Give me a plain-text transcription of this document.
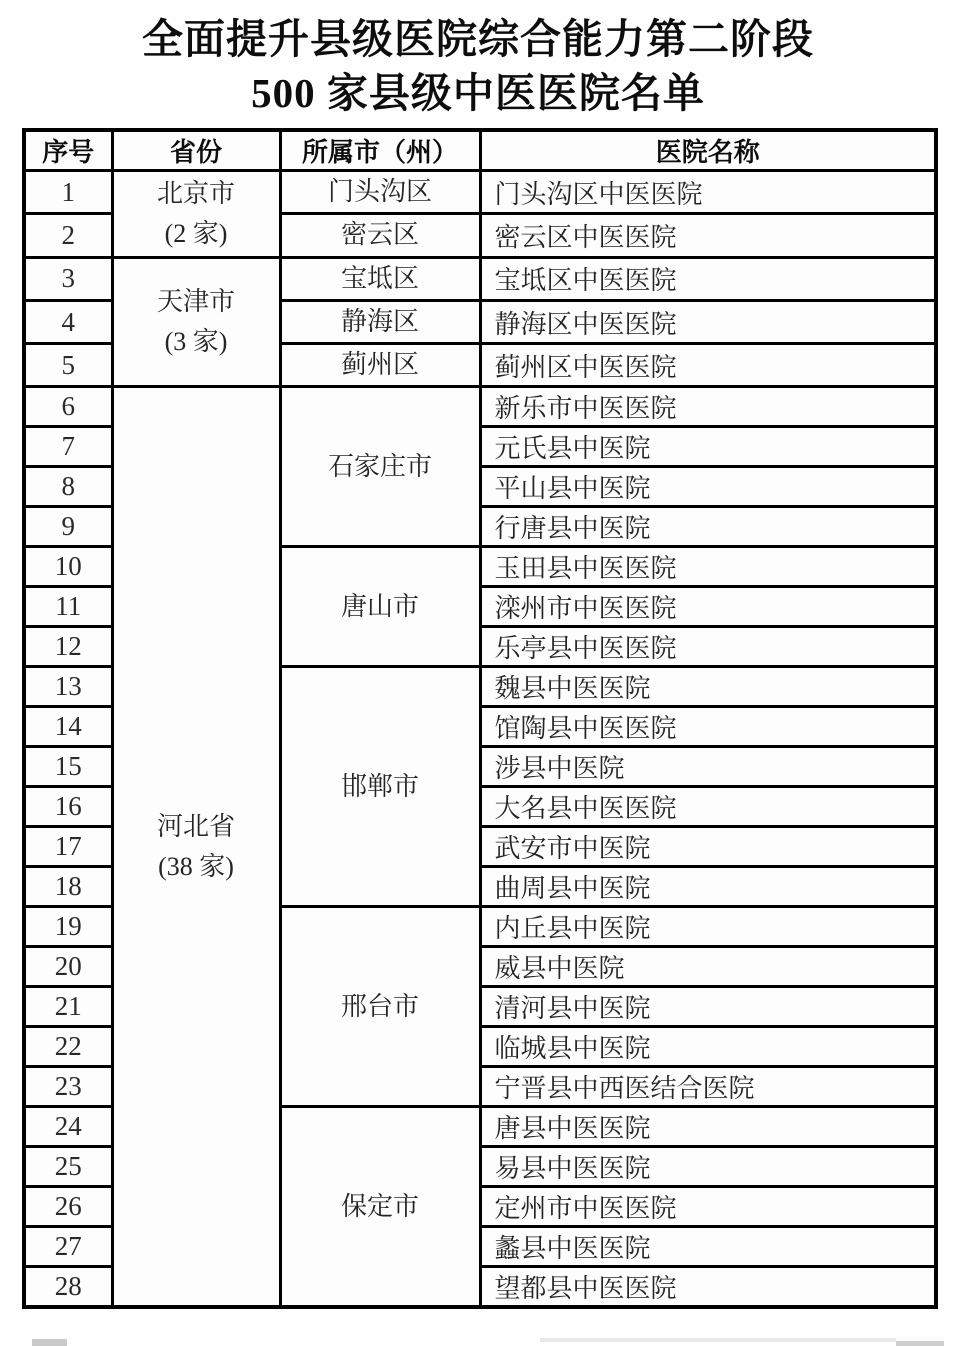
全面提升县级医院综合能力第二阶段
500 家县级中医医院名单
序号	省份	所属市（州）	医院名称
1	北京市
(2 家)	门头沟区	门头沟区中医医院
2		密云区	密云区中医医院
3	天津市
(3 家)	宝坻区	宝坻区中医医院
4		静海区	静海区中医医院
5		蓟州区	蓟州区中医医院
6	河北省
(38 家)	石家庄市	新乐市中医医院
7			元氏县中医院
8			平山县中医院
9			行唐县中医院
10		唐山市	玉田县中医医院
11			滦州市中医医院
12			乐亭县中医医院
13		邯郸市	魏县中医医院
14			馆陶县中医医院
15			涉县中医院
16			大名县中医医院
17			武安市中医院
18			曲周县中医院
19		邢台市	内丘县中医院
20			威县中医院
21			清河县中医院
22			临城县中医院
23			宁晋县中西医结合医院
24		保定市	唐县中医医院
25			易县中医医院
26			定州市中医医院
27			蠡县中医医院
28			望都县中医医院
